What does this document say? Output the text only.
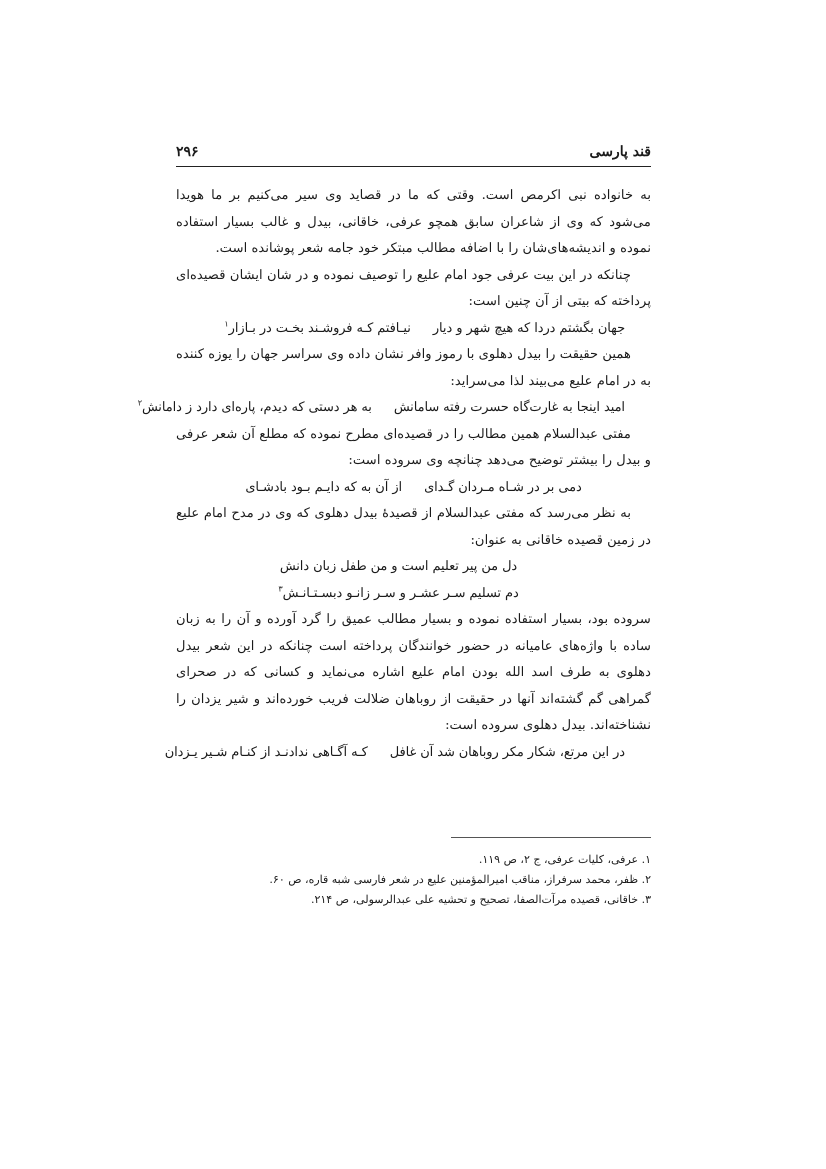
قند پارسی
۲۹۶

به خانواده نبی اکرمص است. وقتی که ما در قصاید وی سیر می‌کنیم بر ما هویدا می‌شود که وی از شاعران سابق همچو عرفی، خاقانی، بیدل و غالب بسیار استفاده نموده و اندیشه‌های‌شان را با اضافه مطالب مبتکر خود جامه شعر پوشانده است.

چنانکه در این بیت عرفی جود امام علیع را توصیف نموده و در شان ایشان قصیده‌ای پرداخته که بیتی از آن چنین است:

جهان بگشتم دردا که هیچ شهر و دیار
نیـافتم کـه فروشـند بخـت در بـازار$^۱$

همین حقیقت را بیدل دهلوی با رموز وافر نشان داده وی سراسر جهان را یوزه کننده به در امام علیع می‌بیند لذا می‌سراید:

امید اینجا به غارت‌گاه حسرت رفته سامانش
به هر دستی که دیدم، پاره‌ای دارد ز دامانش$^۲$

مفتی عبدالسلام همین مطالب را در قصیده‌ای مطرح نموده که مطلع آن شعر عرفی و بیدل را بیشتر توضیح می‌دهد چنانچه وی سروده است:

دمی بر در شـاه مـردان گـدای
از آن به که دایـم بـود بادشـای

به نظر می‌رسد که مفتی عبدالسلام از قصیدهٔ بیدل دهلوی که وی در مدح امام علیع در زمین قصیده خاقانی به عنوان:

دل من پیر تعلیم است و من طفل زبان دانش
دم تسلیم سـر عشـر و سـر زانـو دبسـتـانـش$^۳$

سروده بود، بسیار استفاده نموده و بسیار مطالب عمیق را گرد آورده و آن را به زبان ساده با واژه‌های عامیانه در حضور خوانندگان پرداخته است چنانکه در این شعر بیدل دهلوی به طرف اسد الله بودن امام علیع اشاره می‌نماید و کسانی که در صحرای گمراهی گم گشته‌اند آنها در حقیقت از روباهان ضلالت فریب خورده‌اند و شیر یزدان را نشناخته‌اند. بیدل دهلوی سروده است:

در این مرتع، شکار مکر روباهان شد آن غافل
کـه آگـاهی ندادنـد از کنـام شـیر یـزدان
۱. عرفی، کلیات عرفی، ج ۲، ص ۱۱۹.
۲. ظفر، محمد سرفراز، مناقب امیرالمؤمنین علیع در شعر فارسی شبه قاره، ص ۶۰.
۳. خاقانی، قصیده مرآت‌الصفا، تصحیح و تحشیه علی عبدالرسولی، ص ۲۱۴.
